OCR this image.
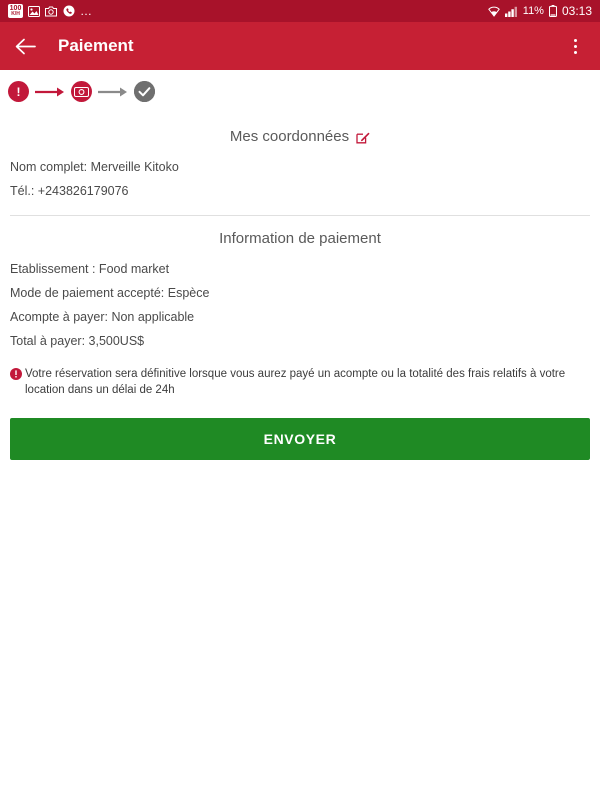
100
K/H	…	11% 03:13
Paiement
!
Mes coordonnées
Nom complet: Merveille Kitoko
Tél.: +243826179076
Information de paiement
Etablissement : Food market
Mode de paiement accepté: Espèce
Acompte à payer: Non applicable
Total à payer: 3,500US$
Votre réservation sera définitive lorsque vous aurez payé un acompte ou la totalité des frais relatifs à votre location dans un délai de 24h
ENVOYER
